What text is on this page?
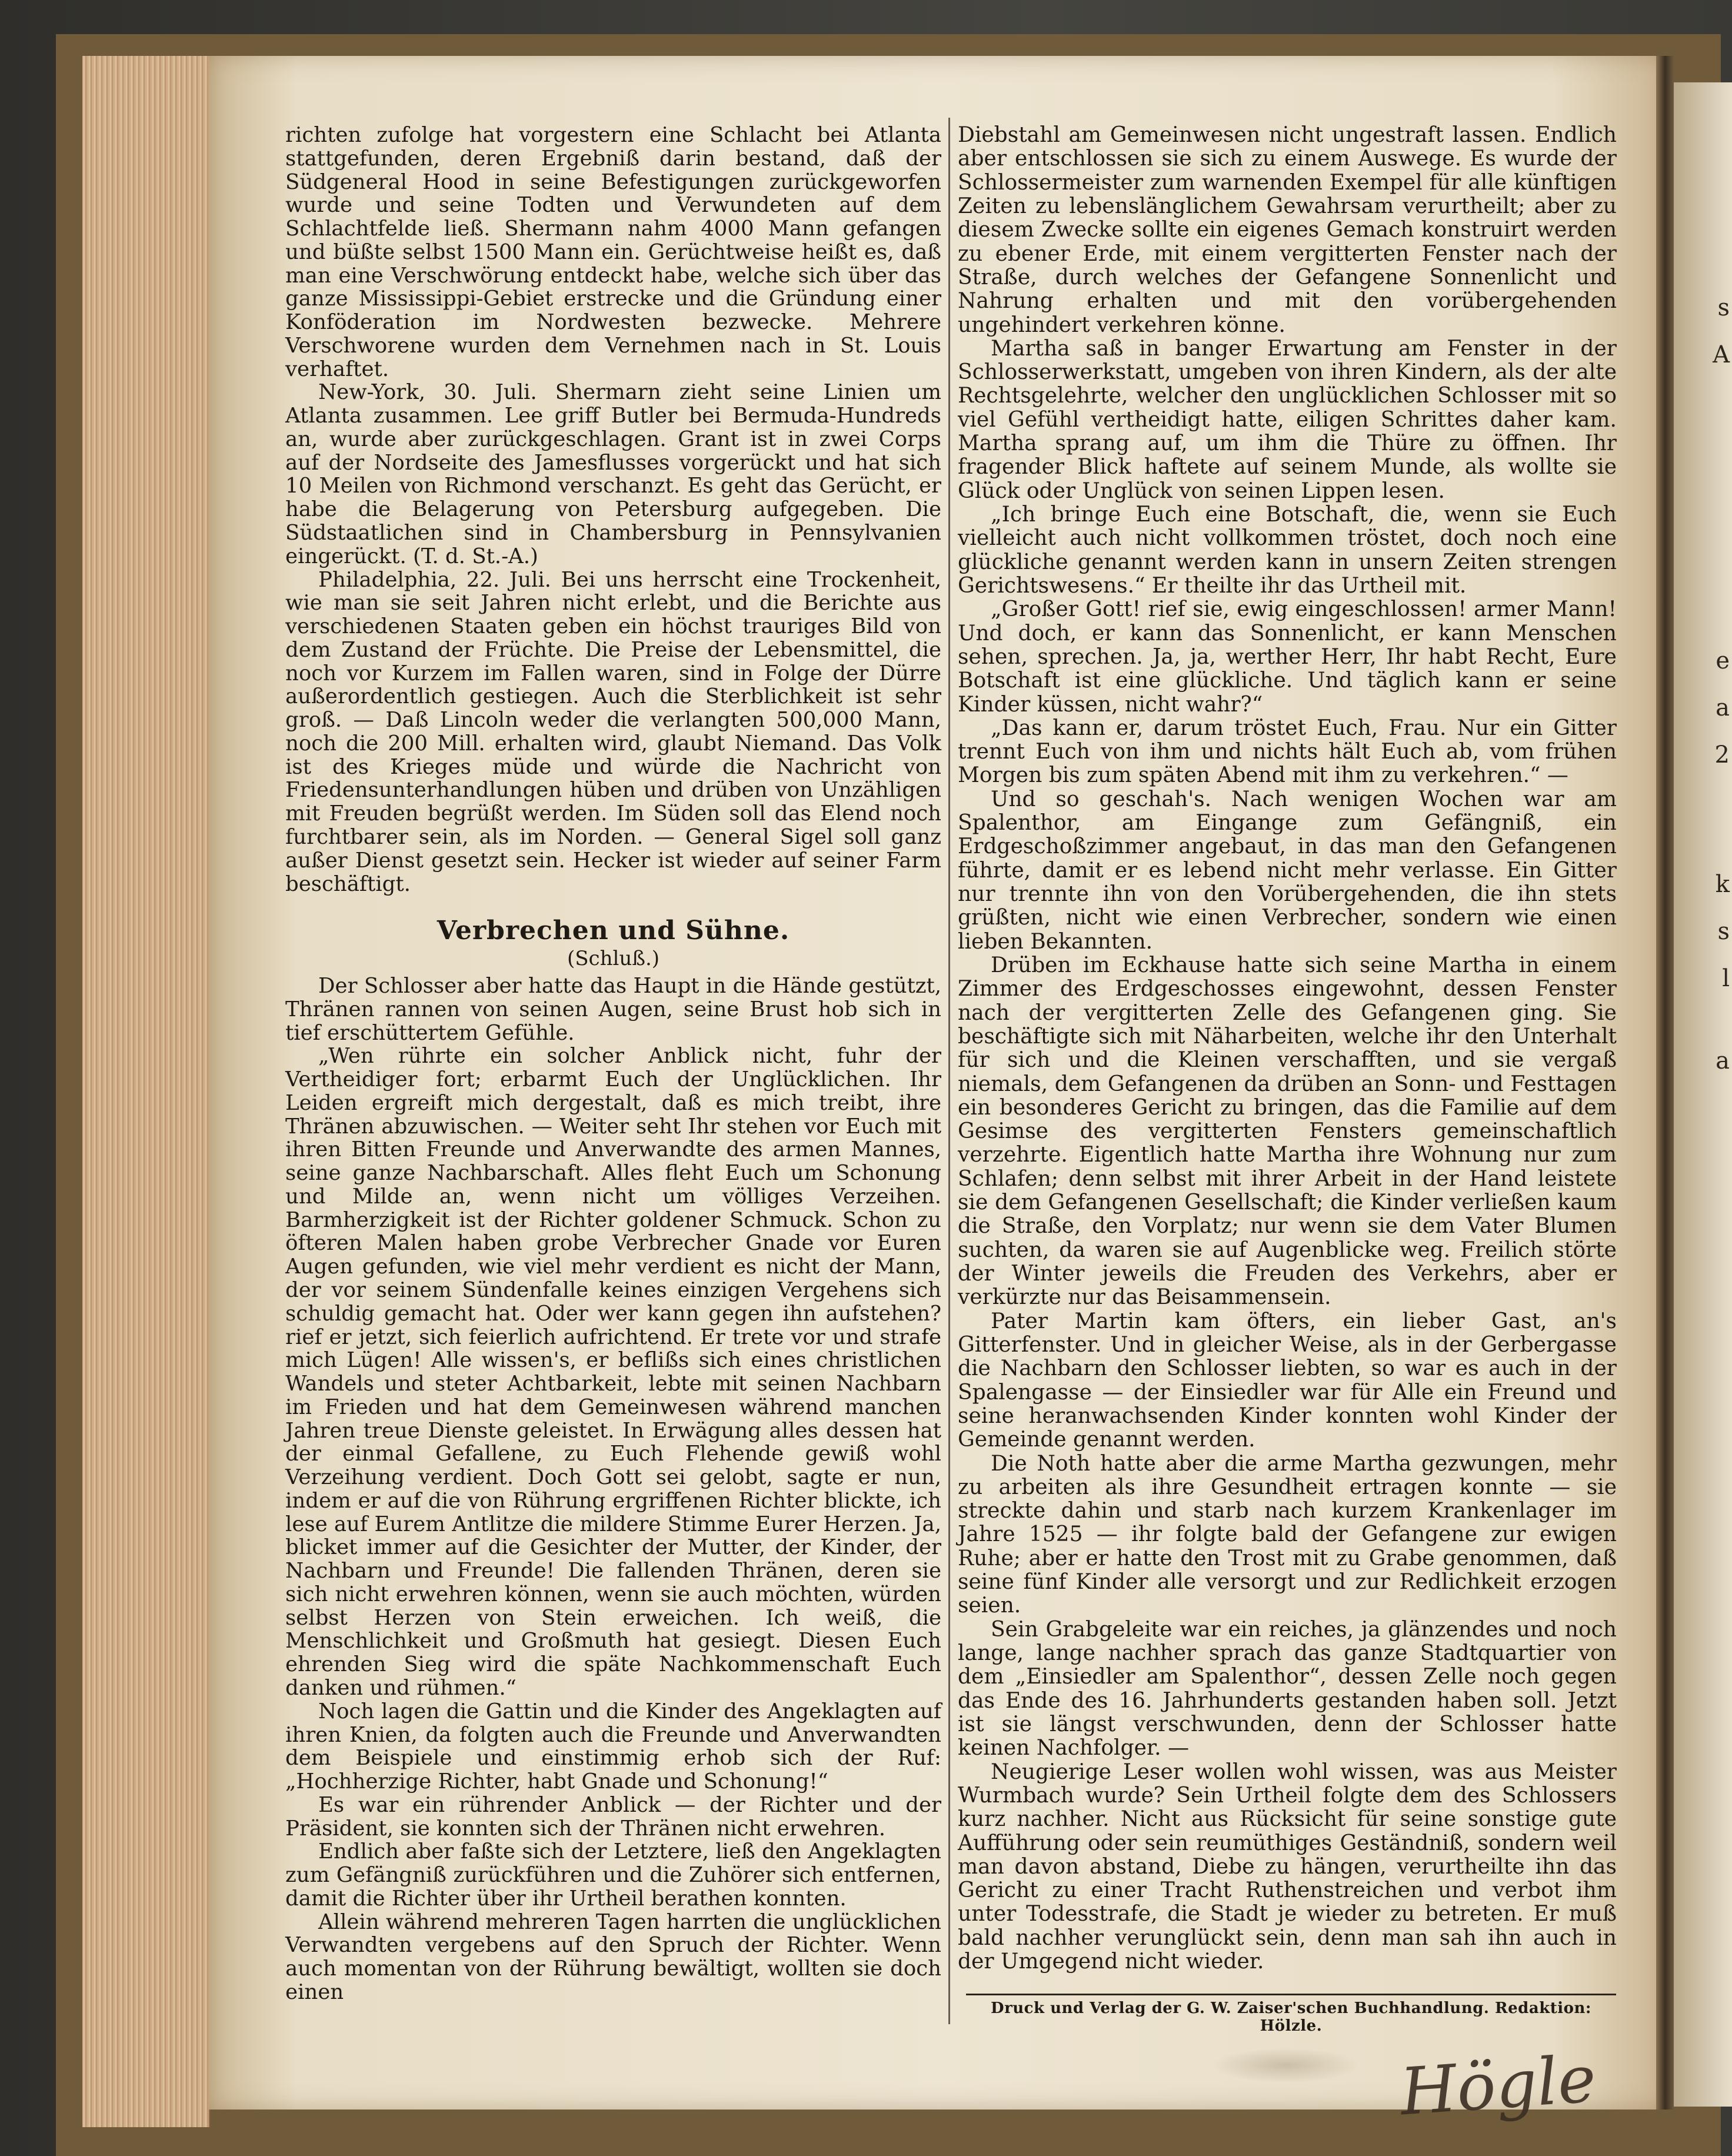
richten zufolge hat vorgestern eine Schlacht bei Atlanta stattgefunden, deren Ergebniß darin bestand, daß der Südgeneral Hood in seine Befestigungen zurückgeworfen wurde und seine Todten und Verwundeten auf dem Schlachtfelde ließ. Shermann nahm 4000 Mann gefangen und büßte selbst 1500 Mann ein. Gerüchtweise heißt es, daß man eine Verschwörung entdeckt habe, welche sich über das ganze Mississippi-Gebiet erstrecke und die Gründung einer Konföderation im Nordwesten bezwecke. Mehrere Verschworene wurden dem Vernehmen nach in St. Louis verhaftet.

New-York, 30. Juli. Shermarn zieht seine Linien um Atlanta zusammen. Lee griff Butler bei Bermuda-Hundreds an, wurde aber zurückgeschlagen. Grant ist in zwei Corps auf der Nordseite des Jamesflusses vorgerückt und hat sich 10 Meilen von Richmond verschanzt. Es geht das Gerücht, er habe die Belagerung von Petersburg aufgegeben. Die Südstaatlichen sind in Chambersburg in Pennsylvanien eingerückt. (T. d. St.-A.)

Philadelphia, 22. Juli. Bei uns herrscht eine Trockenheit, wie man sie seit Jahren nicht erlebt, und die Berichte aus verschiedenen Staaten geben ein höchst trauriges Bild von dem Zustand der Früchte. Die Preise der Lebensmittel, die noch vor Kurzem im Fallen waren, sind in Folge der Dürre außerordentlich gestiegen. Auch die Sterblichkeit ist sehr groß. — Daß Lincoln weder die verlangten 500,000 Mann, noch die 200 Mill. erhalten wird, glaubt Niemand. Das Volk ist des Krieges müde und würde die Nachricht von Friedensunterhandlungen hüben und drüben von Unzähligen mit Freuden begrüßt werden. Im Süden soll das Elend noch furchtbarer sein, als im Norden. — General Sigel soll ganz außer Dienst gesetzt sein. Hecker ist wieder auf seiner Farm beschäftigt.

Verbrechen und Sühne.

(Schluß.)

Der Schlosser aber hatte das Haupt in die Hände gestützt, Thränen rannen von seinen Augen, seine Brust hob sich in tief erschüttertem Gefühle.

„Wen rührte ein solcher Anblick nicht, fuhr der Vertheidiger fort; erbarmt Euch der Unglücklichen. Ihr Leiden ergreift mich dergestalt, daß es mich treibt, ihre Thränen abzuwischen. — Weiter seht Ihr stehen vor Euch mit ihren Bitten Freunde und Anverwandte des armen Mannes, seine ganze Nachbarschaft. Alles fleht Euch um Schonung und Milde an, wenn nicht um völliges Verzeihen. Barmherzigkeit ist der Richter goldener Schmuck. Schon zu öfteren Malen haben grobe Verbrecher Gnade vor Euren Augen gefunden, wie viel mehr verdient es nicht der Mann, der vor seinem Sündenfalle keines einzigen Vergehens sich schuldig gemacht hat. Oder wer kann gegen ihn aufstehen? rief er jetzt, sich feierlich aufrichtend. Er trete vor und strafe mich Lügen! Alle wissen's, er beflißs sich eines christlichen Wandels und steter Achtbarkeit, lebte mit seinen Nachbarn im Frieden und hat dem Gemeinwesen während manchen Jahren treue Dienste geleistet. In Erwägung alles dessen hat der einmal Gefallene, zu Euch Flehende gewiß wohl Verzeihung verdient. Doch Gott sei gelobt, sagte er nun, indem er auf die von Rührung ergriffenen Richter blickte, ich lese auf Eurem Antlitze die mildere Stimme Eurer Herzen. Ja, blicket immer auf die Gesichter der Mutter, der Kinder, der Nachbarn und Freunde! Die fallenden Thränen, deren sie sich nicht erwehren können, wenn sie auch möchten, würden selbst Herzen von Stein erweichen. Ich weiß, die Menschlichkeit und Großmuth hat gesiegt. Diesen Euch ehrenden Sieg wird die späte Nachkommenschaft Euch danken und rühmen.“

Noch lagen die Gattin und die Kinder des Angeklagten auf ihren Knien, da folgten auch die Freunde und Anverwandten dem Beispiele und einstimmig erhob sich der Ruf: „Hochherzige Richter, habt Gnade und Schonung!“

Es war ein rührender Anblick — der Richter und der Präsident, sie konnten sich der Thränen nicht erwehren.

Endlich aber faßte sich der Letztere, ließ den Angeklagten zum Gefängniß zurückführen und die Zuhörer sich entfernen, damit die Richter über ihr Urtheil berathen konnten.

Allein während mehreren Tagen harrten die unglücklichen Verwandten vergebens auf den Spruch der Richter. Wenn auch momentan von der Rührung bewältigt, wollten sie doch einen

Diebstahl am Gemeinwesen nicht ungestraft lassen. Endlich aber entschlossen sie sich zu einem Auswege. Es wurde der Schlossermeister zum warnenden Exempel für alle künftigen Zeiten zu lebenslänglichem Gewahrsam verurtheilt; aber zu diesem Zwecke sollte ein eigenes Gemach konstruirt werden zu ebener Erde, mit einem vergitterten Fenster nach der Straße, durch welches der Gefangene Sonnenlicht und Nahrung erhalten und mit den vorübergehenden ungehindert verkehren könne.

Martha saß in banger Erwartung am Fenster in der Schlosserwerkstatt, umgeben von ihren Kindern, als der alte Rechtsgelehrte, welcher den unglücklichen Schlosser mit so viel Gefühl vertheidigt hatte, eiligen Schrittes daher kam. Martha sprang auf, um ihm die Thüre zu öffnen. Ihr fragender Blick haftete auf seinem Munde, als wollte sie Glück oder Unglück von seinen Lippen lesen.

„Ich bringe Euch eine Botschaft, die, wenn sie Euch vielleicht auch nicht vollkommen tröstet, doch noch eine glückliche genannt werden kann in unsern Zeiten strengen Gerichtswesens.“ Er theilte ihr das Urtheil mit.

„Großer Gott! rief sie, ewig eingeschlossen! armer Mann! Und doch, er kann das Sonnenlicht, er kann Menschen sehen, sprechen. Ja, ja, werther Herr, Ihr habt Recht, Eure Botschaft ist eine glückliche. Und täglich kann er seine Kinder küssen, nicht wahr?“

„Das kann er, darum tröstet Euch, Frau. Nur ein Gitter trennt Euch von ihm und nichts hält Euch ab, vom frühen Morgen bis zum späten Abend mit ihm zu verkehren.“ —

Und so geschah's. Nach wenigen Wochen war am Spalenthor, am Eingange zum Gefängniß, ein Erdgeschoßzimmer angebaut, in das man den Gefangenen führte, damit er es lebend nicht mehr verlasse. Ein Gitter nur trennte ihn von den Vorübergehenden, die ihn stets grüßten, nicht wie einen Verbrecher, sondern wie einen lieben Bekannten.

Drüben im Eckhause hatte sich seine Martha in einem Zimmer des Erdgeschosses eingewohnt, dessen Fenster nach der vergitterten Zelle des Gefangenen ging. Sie beschäftigte sich mit Näharbeiten, welche ihr den Unterhalt für sich und die Kleinen verschafften, und sie vergaß niemals, dem Gefangenen da drüben an Sonn- und Festtagen ein besonderes Gericht zu bringen, das die Familie auf dem Gesimse des vergitterten Fensters gemeinschaftlich verzehrte. Eigentlich hatte Martha ihre Wohnung nur zum Schlafen; denn selbst mit ihrer Arbeit in der Hand leistete sie dem Gefangenen Gesellschaft; die Kinder verließen kaum die Straße, den Vorplatz; nur wenn sie dem Vater Blumen suchten, da waren sie auf Augenblicke weg. Freilich störte der Winter jeweils die Freuden des Verkehrs, aber er verkürzte nur das Beisammensein.

Pater Martin kam öfters, ein lieber Gast, an's Gitterfenster. Und in gleicher Weise, als in der Gerbergasse die Nachbarn den Schlosser liebten, so war es auch in der Spalengasse — der Einsiedler war für Alle ein Freund und seine heranwachsenden Kinder konnten wohl Kinder der Gemeinde genannt werden.

Die Noth hatte aber die arme Martha gezwungen, mehr zu arbeiten als ihre Gesundheit ertragen konnte — sie streckte dahin und starb nach kurzem Krankenlager im Jahre 1525 — ihr folgte bald der Gefangene zur ewigen Ruhe; aber er hatte den Trost mit zu Grabe genommen, daß seine fünf Kinder alle versorgt und zur Redlichkeit erzogen seien.

Sein Grabgeleite war ein reiches, ja glänzendes und noch lange, lange nachher sprach das ganze Stadtquartier von dem „Einsiedler am Spalenthor“, dessen Zelle noch gegen das Ende des 16. Jahrhunderts gestanden haben soll. Jetzt ist sie längst verschwunden, denn der Schlosser hatte keinen Nachfolger. —

Neugierige Leser wollen wohl wissen, was aus Meister Wurmbach wurde? Sein Urtheil folgte dem des Schlossers kurz nachher. Nicht aus Rücksicht für seine sonstige gute Aufführung oder sein reumüthiges Geständniß, sondern weil man davon abstand, Diebe zu hängen, verurtheilte ihn das Gericht zu einer Tracht Ruthenstreichen und verbot ihm unter Todesstrafe, die Stadt je wieder zu betreten. Er muß bald nachher verunglückt sein, denn man sah ihn auch in der Umgegend nicht wieder.

Druck und Verlag der G. W. Zaiser'schen Buchhandlung. Redaktion: Hölzle.
Högle
s
A
e
a
2
k
s
l
a
